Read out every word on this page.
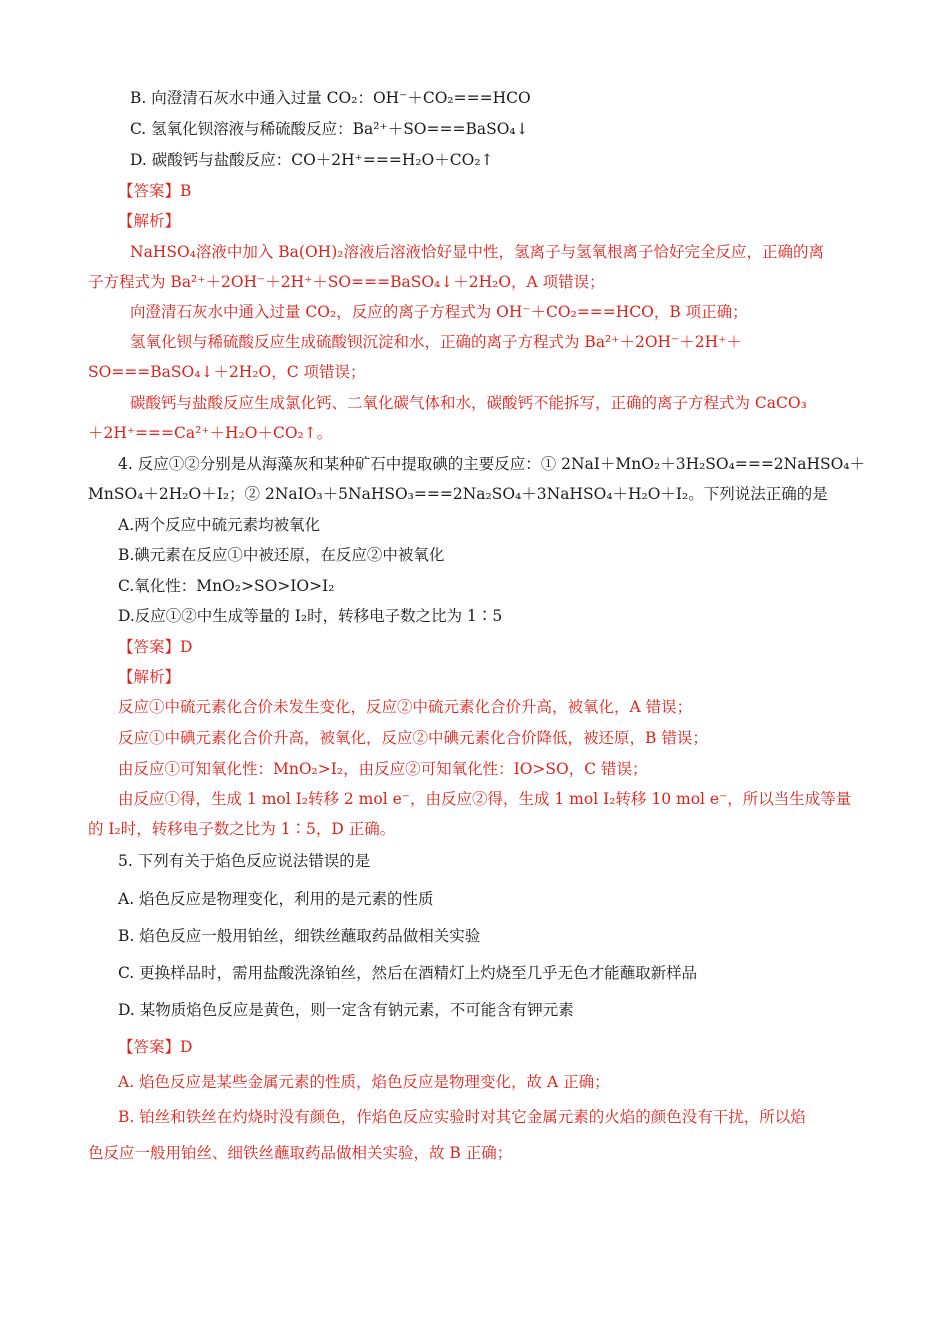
B. 向澄清石灰水中通入过量 CO₂：OH⁻＋CO₂===HCO
C. 氢氧化钡溶液与稀硫酸反应：Ba²⁺＋SO===BaSO₄↓
D. 碳酸钙与盐酸反应：CO＋2H⁺===H₂O＋CO₂↑
【答案】B
【解析】
NaHSO₄溶液中加入 Ba(OH)₂溶液后溶液恰好显中性，氢离子与氢氧根离子恰好完全反应，正确的离
子方程式为 Ba²⁺＋2OH⁻＋2H⁺＋SO===BaSO₄↓＋2H₂O，A 项错误；
向澄清石灰水中通入过量 CO₂，反应的离子方程式为 OH⁻＋CO₂===HCO，B 项正确；
氢氧化钡与稀硫酸反应生成硫酸钡沉淀和水，正确的离子方程式为 Ba²⁺＋2OH⁻＋2H⁺＋
SO===BaSO₄↓＋2H₂O，C 项错误；
碳酸钙与盐酸反应生成氯化钙、二氧化碳气体和水，碳酸钙不能拆写，正确的离子方程式为 CaCO₃
＋2H⁺===Ca²⁺＋H₂O＋CO₂↑。
4. 反应①②分别是从海藻灰和某种矿石中提取碘的主要反应：① 2NaI＋MnO₂＋3H₂SO₄===2NaHSO₄＋
MnSO₄＋2H₂O＋I₂；② 2NaIO₃＋5NaHSO₃===2Na₂SO₄＋3NaHSO₄＋H₂O＋I₂。下列说法正确的是
A.两个反应中硫元素均被氧化
B.碘元素在反应①中被还原，在反应②中被氧化
C.氧化性：MnO₂>SO>IO>I₂
D.反应①②中生成等量的 I₂时，转移电子数之比为 1∶5
【答案】D
【解析】
反应①中硫元素化合价未发生变化，反应②中硫元素化合价升高，被氧化，A 错误；
反应①中碘元素化合价升高，被氧化，反应②中碘元素化合价降低，被还原，B 错误；
由反应①可知氧化性：MnO₂>I₂，由反应②可知氧化性：IO>SO，C 错误；
由反应①得，生成 1 mol I₂转移 2 mol e⁻，由反应②得，生成 1 mol I₂转移 10 mol e⁻，所以当生成等量
的 I₂时，转移电子数之比为 1∶5，D 正确。
5. 下列有关于焰色反应说法错误的是
A. 焰色反应是物理变化，利用的是元素的性质
B. 焰色反应一般用铂丝，细铁丝蘸取药品做相关实验
C. 更换样品时，需用盐酸洗涤铂丝，然后在酒精灯上灼烧至几乎无色才能蘸取新样品
D. 某物质焰色反应是黄色，则一定含有钠元素，不可能含有钾元素
【答案】D
A. 焰色反应是某些金属元素的性质，焰色反应是物理变化，故 A 正确；
B. 铂丝和铁丝在灼烧时没有颜色，作焰色反应实验时对其它金属元素的火焰的颜色没有干扰，所以焰
色反应一般用铂丝、细铁丝蘸取药品做相关实验，故 B 正确；
